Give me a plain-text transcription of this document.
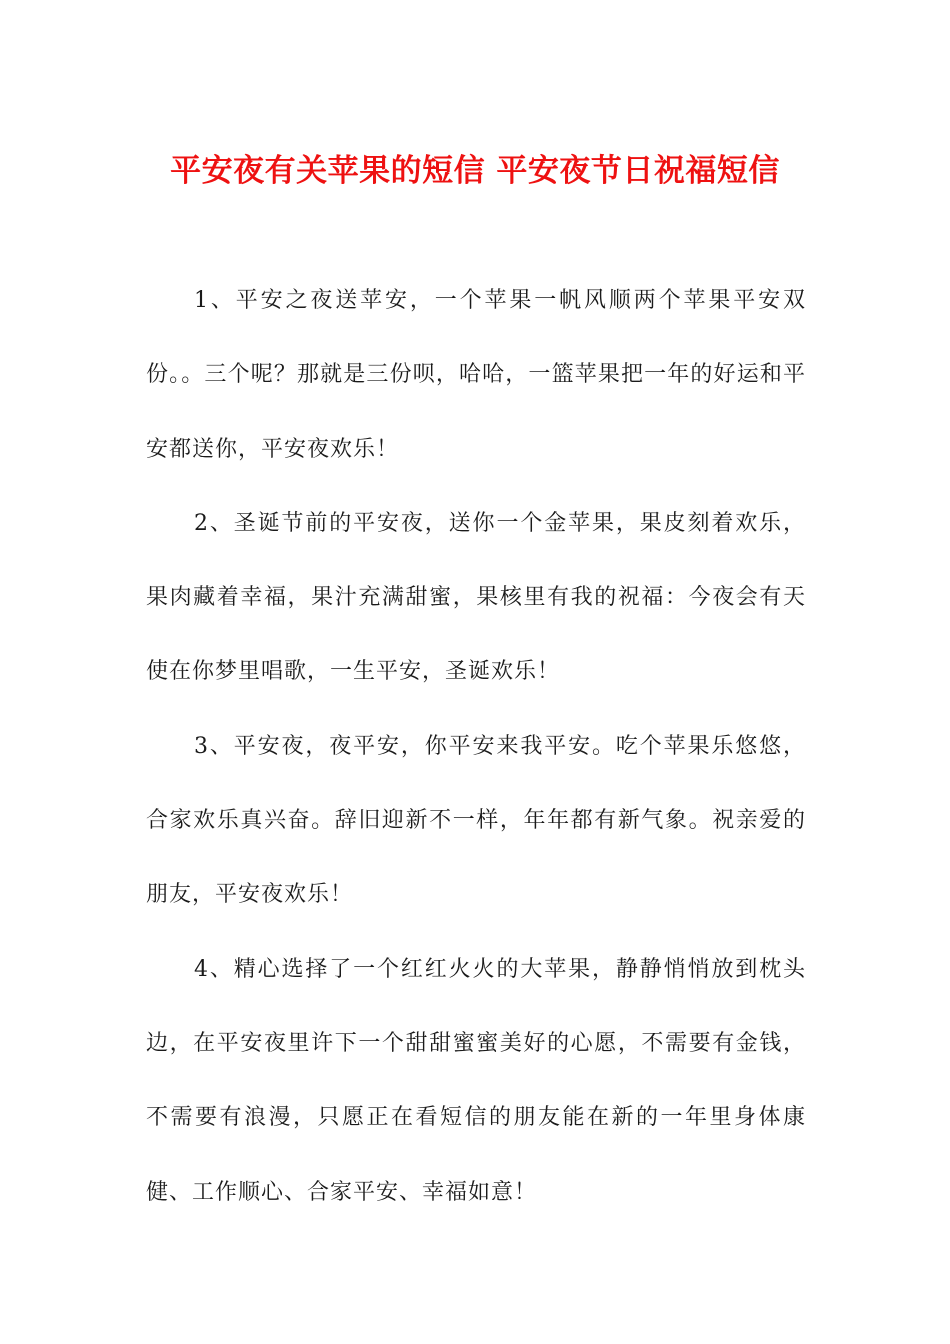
平安夜有关苹果的短信 平安夜节日祝福短信

1、平安之夜送苹安，一个苹果一帆风顺两个苹果平安双份。。三个呢？那就是三份呗，哈哈，一篮苹果把一年的好运和平安都送你，平安夜欢乐！

2、圣诞节前的平安夜，送你一个金苹果，果皮刻着欢乐，果肉藏着幸福，果汁充满甜蜜，果核里有我的祝福：今夜会有天使在你梦里唱歌，一生平安，圣诞欢乐！

3、平安夜，夜平安，你平安来我平安。吃个苹果乐悠悠，合家欢乐真兴奋。辞旧迎新不一样，年年都有新气象。祝亲爱的朋友，平安夜欢乐！

4、精心选择了一个红红火火的大苹果，静静悄悄放到枕头边，在平安夜里许下一个甜甜蜜蜜美好的心愿，不需要有金钱，不需要有浪漫，只愿正在看短信的朋友能在新的一年里身体康健、工作顺心、合家平安、幸福如意！
